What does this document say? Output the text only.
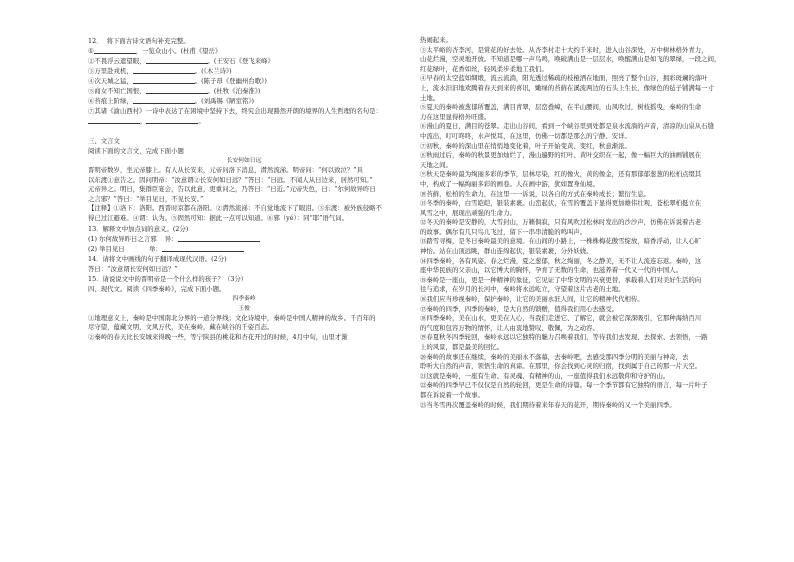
12．  将下面古诗文语句补充完整。
①	，一览众山小。(杜甫《望岳》
②不畏浮云遮望眼，	。(王安石《登飞来峰》
③万里赴戎机，	。(《木兰诗》)
④次天城之猛，	。(陈子昂《登幽州台歌》)
⑤商女不知亡国恨，	。(杜牧《泊秦淮》)
⑥苔痕上阶绿，	。(刘禹锡《陋室铭》)
⑦其诸《渝山西村》一诗中表达了在困境中坚持下去，终究会出现豁然开朗的境界的人生哲理的名句是：
，	。
三、文言文
阅读下面的文言文，完成下面小题
长安何如日远
晋明帝数岁，坐元帝膝上。有人从长安来，元帝问洛下消息，潸然流涕。明帝问：“何以致泣？”具
以东渡①意告之。因问明帝：“汝意谓②长安何如日远？”答曰：“日远。不闻人从日边来，居然可知。”
元帝异之。明日，集群臣宴会，告以此意，更重问之，乃答曰：“日近。”元帝失色，曰：“尔何故异昨日
之言邪？”答曰：“举目见日，不见长安。”
【注释】①洛下：洛阳。西晋时京都在洛阳。②潸然流涕：不自觉地流下了眼泪。③东渡：被外族侵略不
得已过江避难。④谓：认为。⑤固然可知：据此一点可以知道。⑥邪（yé）：同“耶”语气词。
13．解释文中加点词的意义。(2分)
(1) 尔何故异昨日之言邪    异：
(2) 举目见日            举：
14．请将文中画线的句子翻译成现代汉语。(2分)
答曰：“汝意谓长安何如日远？”
15．请说说文中的晋明帝是一个什么样的孩子？（3分）
四、现代文。阅读《四季秦岭》，完成下面小题。
四季秦岭
王俊
①地理意义上，秦岭是中国南北分界的一道分界线；文化诗境中，秦岭是中国人精神的故乡。千百年的
尽守望，蕴藏文明，文风万代，美在秦岭，藏在峡谷的千姿百态。
②秦岭的春天比长安城来得晚一些，等宁陕县的桃花和杏花开过的时候，4月中旬，山里才渐
热闹起来。
③太平峪的杏李河，是赏花的好去处。从杏李村走十大约千米时，进入山谷深处，万中树林格外青力，
山花烂漫，空灵地开放。不知道是哪一声鸟鸣，唤破满山是一层层水，唤醒满山是如飞的翠绿，一段之间，
红花绿叶，花香如丝，轻风柔步柔地工我们。
④早春的太空蓝如绸缎，流云流淌，阳光透过稀疏的枝桠洒在地面，照亮了整个山谷，拥彩斑斓的落叶
上，流水汩汩地欢腾着春天到来的喜讯，嫩绿的苔藓在溪流两边的石头上生长，像绿色的毡子铺满每一寸
土地。
⑤夏天的秦岭被葱郁所覆盖，满目青翠，层峦叠嶂，在半山腰间，山风吹过，树枝摇曳，秦岭的生命
力在这里显得格外旺盛。
⑥漫山的夏日，满目的苍翠。走出山谷间，看到一个峡谷里到处都是泉水流淌的声音，清凉的山泉从石缝
中流出，叮叮咚咚，水声悦耳，在这里，仿佛一切都是那么的宁静、安详。
⑦初秋，秦岭的深山里在悄悄地变化着，叶子开始变黄、变红，秋意渐浓。
⑧秋雨过后，秦岭的秋景更加灿烂了，漫山遍野的红叶、黄叶交织在一起，像一幅巨大的油画铺展在
天地之间。
⑨秋天是秦岭最为绚丽多彩的季节，层林尽染，红的像火，黄的像金，还有那郁郁葱葱的松柏点缀其
中，构成了一幅绚丽多彩的画卷。人在画中游，犹如置身仙境。
⑩苔藓，松柏的生命力，在这里一一诉说，以各自的方式在秦岭成长；繁衍生息。
⑪冬季的秦岭，白雪皑皑，银装素裹。山峦起伏，在雪的覆盖下显得更加雄伟壮观，苍松翠柏挺立在
风雪之中，展现出顽强的生命力。
⑫冬天的秦岭是安静的，大雪封山，万籁俱寂，只有风吹过松林时发出的沙沙声，仿佛在诉说着古老
的故事。偶尔有几只鸟儿飞过，留下一串串清脆的鸣叫声。
⑬踏雪寻梅，是冬日秦岭最美的意境。在山间的小路上，一株株梅花傲雪绽放，暗香浮动，让人心旷
神怡。站在山顶远眺，群山连绵起伏，银装素裹，分外妖娆。
⑭四季秦岭，各有风姿。春之烂漫，夏之葱郁，秋之绚丽，冬之静美，无不让人流连忘返。秦岭，这
座中华民族的父亲山，以它博大的胸怀，孕育了无数的生命，也滋养着一代又一代的中国人。
⑮秦岭是一座山，更是一种精神的象征，它见证了中华文明的兴衰更替，承载着人们对美好生活的向
往与追求，在岁月的长河中，秦岭将永远屹立，守望着这片古老的土地。
⑯我们应当珍视秦岭，保护秦岭，让它的美丽永驻人间，让它的精神代代相传。
⑰秦岭的四季，四季的秦岭，是大自然的馈赠，值得我们用心去感受。
⑱四季秦岭，美在山水，更美在人心，当我们走进它、了解它，就会被它深深吸引，它那种海纳百川
的气度和包容万物的情怀，让人由衷地赞叹、敬佩，为之动容。
⑲春夏秋冬四季轮回，秦岭永远以它独特的魅力召唤着我们，等待我们去发现、去探索、去领悟，一路
上的风景，都是最美的回忆。
⑳秦岭的故事还在继续，秦岭的美丽永不落幕，去秦岭吧，去感受那四季分明的美丽与神奇，去
聆听大自然的声音，领悟生命的真谛。在那里，你会找到心灵的归宿，找到属于自己的那一片天空。
㉑这就是秦岭，一座有生命、有灵魂、有精神的山，一座值得我们永远敬仰和守护的山。
㉒秦岭的四季早已不仅仅是自然的轮回，更是生命的诗篇。每一个季节都有它独特的语言，每一片叶子
都在诉说着一个故事。
㉓当冬雪再次覆盖秦岭的时候，我们期待着来年春天的花开，期待秦岭的又一个美丽四季。
